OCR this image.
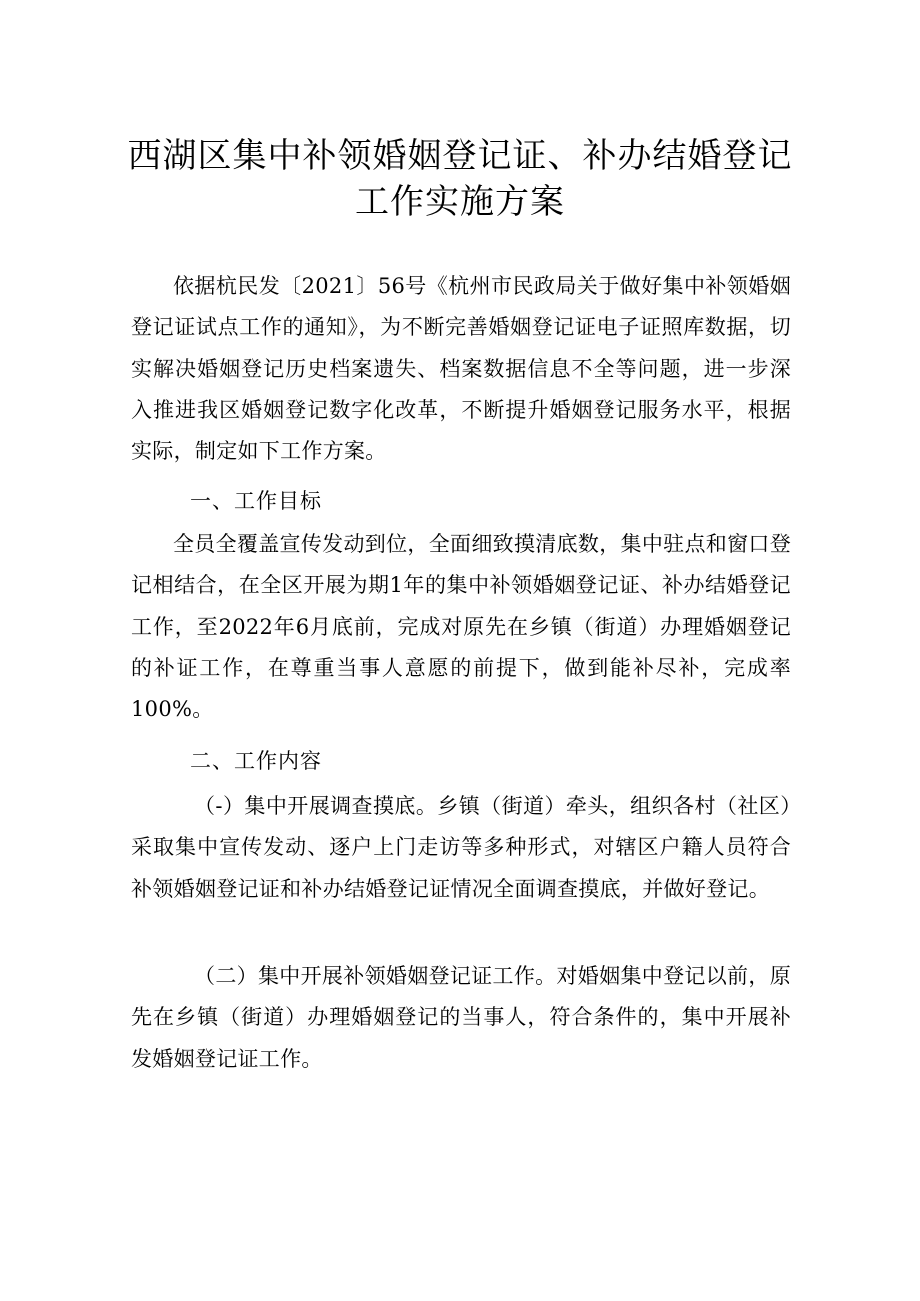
西湖区集中补领婚姻登记证、补办结婚登记
工作实施方案

依据杭民发〔2021〕56号《杭州市民政局关于做好集中补领婚姻登记证试点工作的通知》，为不断完善婚姻登记证电子证照库数据，切实解决婚姻登记历史档案遗失、档案数据信息不全等问题，进一步深入推进我区婚姻登记数字化改革，不断提升婚姻登记服务水平，根据实际，制定如下工作方案。

一、工作目标

全员全覆盖宣传发动到位，全面细致摸清底数，集中驻点和窗口登记相结合，在全区开展为期1年的集中补领婚姻登记证、补办结婚登记工作，至2022年6月底前，完成对原先在乡镇（街道）办理婚姻登记的补证工作，在尊重当事人意愿的前提下，做到能补尽补，完成率100%。

二、工作内容

（-）集中开展调查摸底。乡镇（街道）牵头，组织各村（社区）采取集中宣传发动、逐户上门走访等多种形式，对辖区户籍人员符合补领婚姻登记证和补办结婚登记证情况全面调查摸底，并做好登记。

（二）集中开展补领婚姻登记证工作。对婚姻集中登记以前，原先在乡镇（街道）办理婚姻登记的当事人，符合条件的，集中开展补发婚姻登记证工作。
